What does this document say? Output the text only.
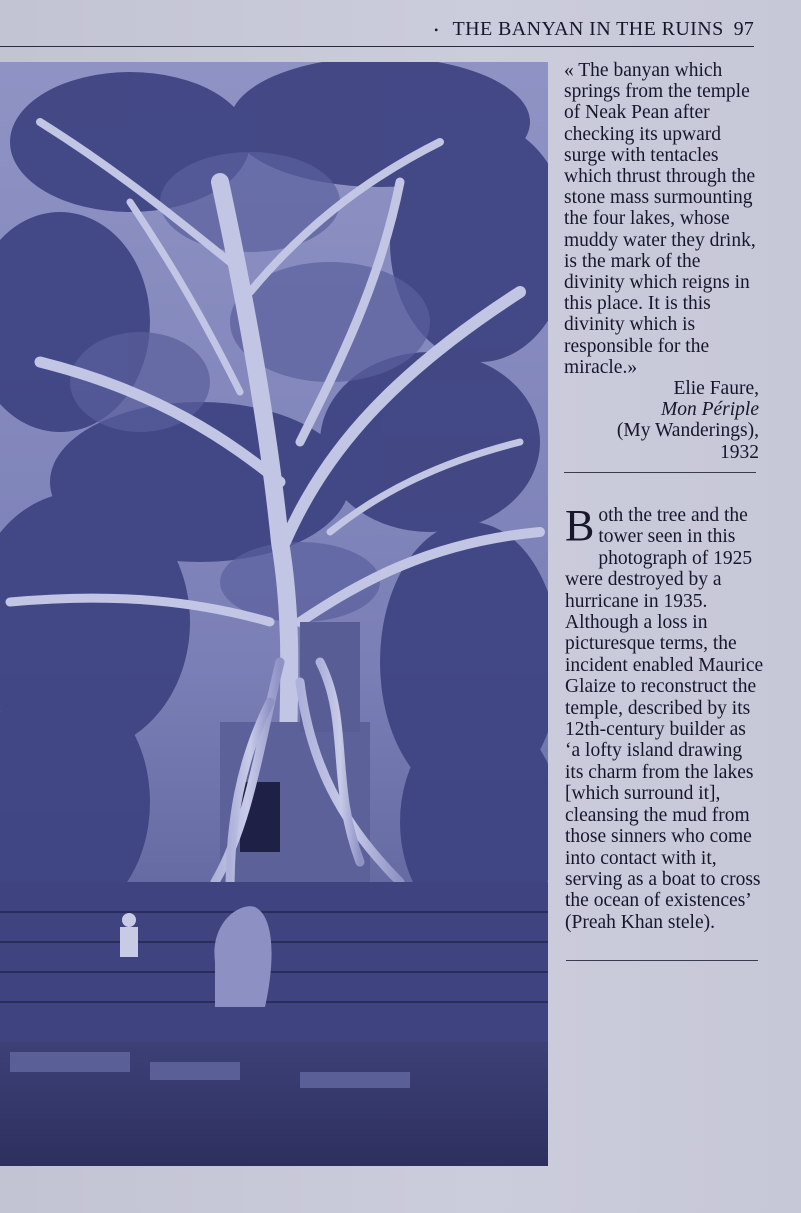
• THE BANYAN IN THE RUINS 97

« The banyan which springs from the temple of Neak Pean after checking its upward surge with tentacles which thrust through the stone mass surmounting the four lakes, whose muddy water they drink, is the mark of the divinity which reigns in this place. It is this divinity which is responsible for the miracle.»

Elie Faure,
Mon Périple
(My Wanderings),
1932

Both the tree and the tower seen in this photograph of 1925 were destroyed by a hurricane in 1935. Although a loss in picturesque terms, the incident enabled Maurice Glaize to reconstruct the temple, described by its 12th-century builder as ‘a lofty island drawing its charm from the lakes [which surround it], cleansing the mud from those sinners who come into contact with it, serving as a boat to cross the ocean of existences’ (Preah Khan stele).
